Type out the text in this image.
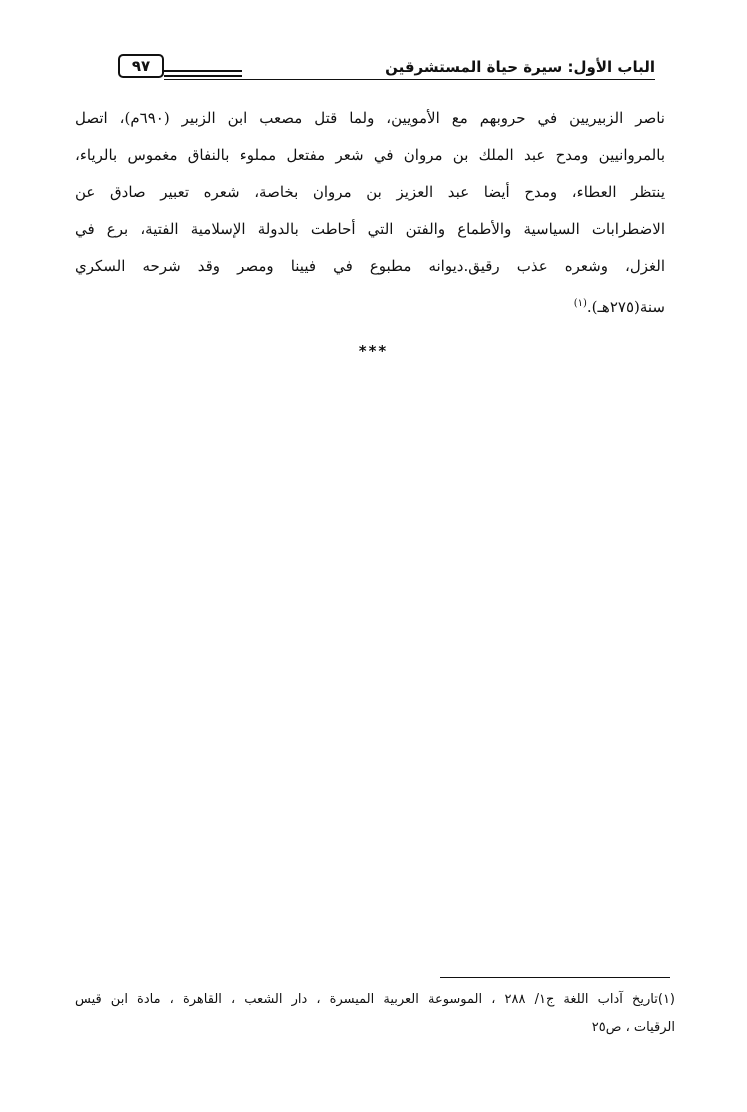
٩٧	الباب الأول: سيرة حياة المستشرقين
ناصر الزبيريين في حروبهم مع الأمويين، ولما قتل مصعب ابن الزبير (٦٩٠م)، اتصل
بالمروانيين ومدح عبد الملك بن مروان في شعر مفتعل مملوء بالنفاق مغموس بالرياء،
ينتظر العطاء، ومدح أيضا عبد العزيز بن مروان بخاصة، شعره تعبير صادق عن
الاضطرابات السياسية والأطماع والفتن التي أحاطت بالدولة الإسلامية الفتية، برع في
الغزل، وشعره عذب رقيق.ديوانه مطبوع في فيينا ومصر وقد شرحه السكري
سنة(٢٧٥هـ).$^{(١)}$
***
(١)تاريخ آداب اللغة ج١/ ٢٨٨ ، الموسوعة العربية الميسرة ، دار الشعب ، القاهرة ، مادة ابن قيس
الرقيات ، ص٢٥
